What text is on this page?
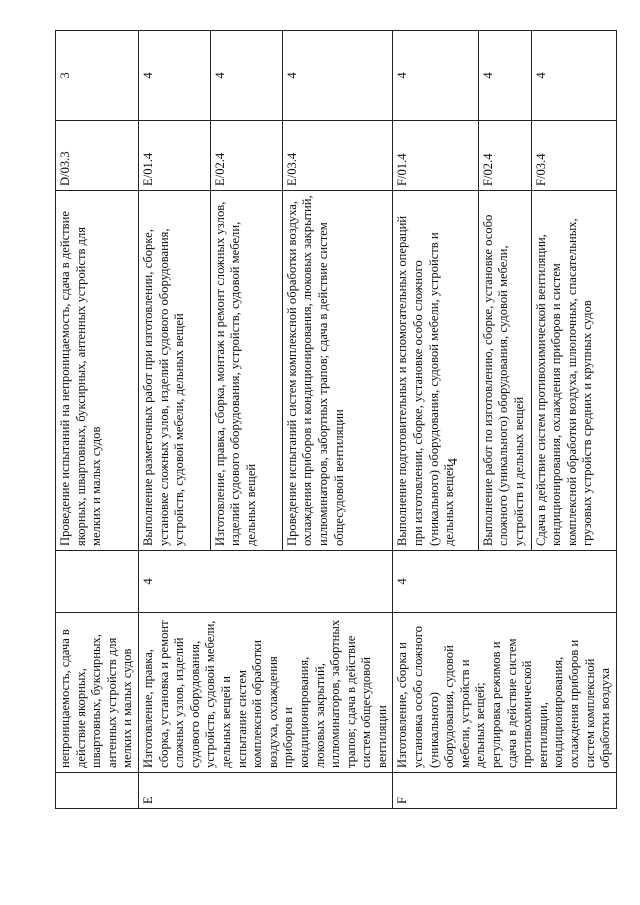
4
	непроницаемость, сдача в действие якорных, швартовных, буксирных, антенных устройств для мелких и малых судов		Проведение испытаний на непроницаемость, сдача в действие якорных, швартовных, буксирных, антенных устройств для мелких и малых судов	D/03.3	3
E	Изготовление, правка, сборка, установка и ремонт сложных узлов, изделий судового оборудования, устройств, судовой мебели, дельных вещей и испытание систем комплексной обработки воздуха, охлаждения приборов и кондиционирования, люковых закрытий, иллюминаторов, забортных трапов; сдача в действие систем общесудовой вентиляции	4	Выполнение разметочных работ при изготовлении, сборке, установке сложных узлов, изделий судового оборудования, устройств, судовой мебели, дельных вещей	E/01.4	4
			Изготовление, правка, сборка, монтаж и ремонт сложных узлов, изделий судового оборудования, устройств, судовой мебели, дельных вещей	E/02.4	4
			Проведение испытаний систем комплексной обработки воздуха, охлаждения приборов и кондиционирования, люковых закрытий, иллюминаторов, забортных трапов; сдача в действие систем общесудовой вентиляции	E/03.4	4
F	Изготовление, сборка и установка особо сложного (уникального) оборудования, судовой мебели, устройств и дельных вещей; регулировка режимов и сдача в действие систем противохимической вентиляции, кондиционирования, охлаждения приборов и систем комплексной обработки воздуха	4	Выполнение подготовительных и вспомогательных операций при изготовлении, сборке, установке особо сложного (уникального) оборудования, судовой мебели, устройств и дельных вещей	F/01.4	4
			Выполнение работ по изготовлению, сборке, установке особо сложного (уникального) оборудования, судовой мебели, устройств и дельных вещей	F/02.4	4
			Сдача в действие систем противохимической вентиляции, кондиционирования, охлаждения приборов и систем комплексной обработки воздуха, шлюпочных, спасательных, грузовых устройств средних и крупных судов	F/03.4	4
